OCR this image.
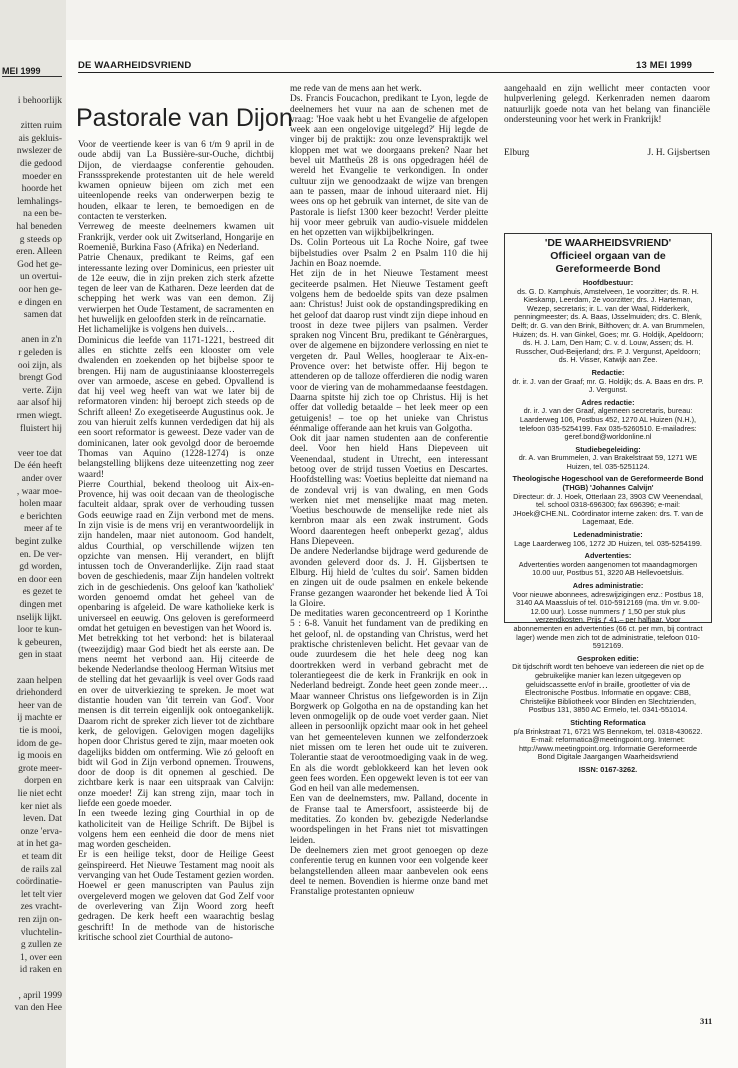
MEI 1999
i behoorlijk
zitten ruim
ais gekluis-
nwslezer de
die gedood
moeder en
hoorde het
lemhalings-
na een be-
hal beneden
g steeds op
eren. Alleen
God het ge-
un overtui-
oor hen ge-
e dingen en
samen dat
anen in z'n
r geleden is
ooi zijn, als
brengt God
verte. Zijn
aar alsof hij
rmen wiegt.
fluistert hij
veer toe dat
De één heeft
ander over
, waar moe-
holen maar
e berichten
meer af te
begint zulke
en. De ver-
gd worden,
en door een
es gezet te
dingen met
nselijk lijkt.
loor te kun-
k gebeuren,
gen in staat
zaan helpen
driehonderd
heer van de
ij machte er
tie is mooi,
idom de ge-
ig moois en
grote meer-
dorpen en
lie niet echt
ker niet als
leven. Dat
onze 'erva-
at in het ga-
et team dit
de rails zal
coördinatie-
let telt vier
zes vracht-
ren zijn on-
vluchtelin-
g zullen ze
1, over een
id raken en
, april 1999
van den Hee
DE WAARHEIDSVRIEND	13 MEI 1999
Pastorale van Dijon

Voor de veertiende keer is van 6 t/m 9 april in de oude abdij van La Bussière-sur-Ouche, dichtbij Dijon, de vierdaagse conferentie gehouden. Fransssprekende protestanten uit de hele wereld kwamen opnieuw bijeen om zich met een uiteenlopende reeks van onderwerpen bezig te houden, elkaar te leren, te bemoedigen en de contacten te versterken.

Verreweg de meeste deelnemers kwamen uit Frankrijk, verder ook uit Zwitserland, Hongarije en Roemenië, Burkina Faso (Afrika) en Nederland.

Patrie Chenaux, predikant te Reims, gaf een interessante lezing over Dominicus, een priester uit de 12e eeuw, die in zijn preken zich sterk afzette tegen de leer van de Katharen. Deze leerden dat de schepping het werk was van een demon. Zij verwierpen het Oude Testament, de sacramenten en het huwelijk en geloofden sterk in de reïncarnatie.

Het lichamelijke is volgens hen duivels…

Dominicus die leefde van 1171-1221, bestreed dit alles en stichtte zelfs een klooster om vele dwalenden en zoekenden op het bijbelse spoor te brengen. Hij nam de augustiniaanse kloosterregels over van armoede, ascese en gebed. Opvallend is dat hij veel weg heeft van wat we later bij de reformatoren vinden: hij beroept zich steeds op de Schrift alleen! Zo exegetiseerde Augustinus ook. Je zou van hieruit zelfs kunnen verdedigen dat hij als een soort reformator is geweest. Deze vader van de dominicanen, later ook gevolgd door de beroemde Thomas van Aquino (1228-1274) is onze belangstelling blijkens deze uiteenzetting nog zeer waard!

Pierre Courthial, bekend theoloog uit Aix-en-Provence, hij was ooit decaan van de theologische faculteit aldaar, sprak over de verhouding tussen Gods eeuwige raad en Zijn verbond met de mens. In zijn visie is de mens vrij en verantwoordelijk in zijn handelen, maar niet autonoom. God handelt, aldus Courthial, op verschillende wijzen ten opzichte van mensen. Hij verandert, en blijft intussen toch de Onveranderlijke. Zijn raad staat boven de geschiedenis, maar Zijn handelen voltrekt zich in de geschiedenis. Ons geloof kan 'katholiek' worden genoemd omdat het geheel van de openbaring is afgeleid. De ware katholieke kerk is universeel en eeuwig. Ons geloven is gereformeerd omdat het getuigen en bevestigen van het Woord is.

Met betrekking tot het verbond: het is bilateraal (tweezijdig) maar God biedt het als eerste aan. De mens neemt het verbond aan. Hij citeerde de bekende Nederlandse theoloog Herman Witsius met de stelling dat het gevaarlijk is veel over Gods raad en over de uitverkiezing te spreken. Je moet wat distantie houden van 'dit terrein van God'. Voor mensen is dit terrein eigenlijk ook ontoegankelijk. Daarom richt de spreker zich liever tot de zichtbare kerk, de gelovigen. Gelovigen mogen dagelijks hopen door Christus gered te zijn, maar moeten ook dagelijks bidden om ontferming. Wie zó gelooft en bidt wil God in Zijn verbond opnemen. Trouwens, door de doop is dit opnemen al geschied. De zichtbare kerk is naar een uitspraak van Calvijn: onze moeder! Zij kan streng zijn, maar toch in liefde een goede moeder.

In een tweede lezing ging Courthial in op de katholiciteit van de Heilige Schrift. De Bijbel is volgens hem een eenheid die door de mens niet mag worden gescheiden.

Er is een heilige tekst, door de Heilige Geest geïnspireerd. Het Nieuwe Testament mag nooit als vervanging van het Oude Testament gezien worden. Hoewel er geen manuscripten van Paulus zijn overgeleverd mogen we geloven dat God Zelf voor de overlevering van Zijn Woord zorg heeft gedragen. De kerk heeft een waarachtig beslag geschrift! In de methode van de historische kritische school ziet Courthial de autono-

me rede van de mens aan het werk.

Ds. Francis Foucachon, predikant te Lyon, legde de deelnemers het vuur na aan de schenen met de vraag: 'Hoe vaak hebt u het Evangelie de afgelopen week aan een ongelovige uitgelegd?' Hij legde de vinger bij de praktijk: zou onze levenspraktijk wel kloppen met wat we doorgaans preken? Naar het bevel uit Mattheüs 28 is ons opgedragen héél de wereld het Evangelie te verkondigen. In onder cultuur zijn we genoodzaakt de wijze van brengen aan te passen, maar de inhoud uiteraard niet. Hij wees ons op het gebruik van internet, de site van de Pastorale is liefst 1300 keer bezocht! Verder pleitte hij voor meer gebruik van audio-visuele middelen en het opzetten van wijkbijbelkringen.

Ds. Colin Porteous uit La Roche Noire, gaf twee bijbelstudies over Psalm 2 en Psalm 110 die hij Jachin en Boaz noemde.

Het zijn de in het Nieuwe Testament meest geciteerde psalmen. Het Nieuwe Testament geeft volgens hem de bedoelde spits van deze psalmen aan: Christus! Juist ook de opstandingsprediking en het geloof dat daarop rust vindt zijn diepe inhoud en troost in deze twee pijlers van psalmen. Verder spraken nog Vincent Bru, predikant te Génèrargues, over de algemene en bijzondere verlossing en niet te vergeten dr. Paul Welles, hoogleraar te Aix-en-Provence over: het betwiste offer. Hij begon te attenderen op de talloze offerdieren die nodig waren voor de viering van de mohammedaanse feestdagen. Daarna spitste hij zich toe op Christus. Hij is het offer dat volledig betaalde – het leek meer op een getuigenis! – toe op het unieke van Christus éénmalige offerande aan het kruis van Golgotha.

Ook dit jaar namen studenten aan de conferentie deel. Voor hen hield Hans Diepeveen uit Veenendaal, student in Utrecht, een interessant betoog over de strijd tussen Voetius en Descartes. Hoofdstelling was: Voetius bepleitte dat niemand na de zondeval vrij is van dwaling, en men Gods werken niet met menselijke maat mag meten. 'Voetius beschouwde de menselijke rede niet als kernbron maar als een zwak instrument. Gods Woord daarentegen heeft onbeperkt gezag', aldus Hans Diepeveen.

De andere Nederlandse bijdrage werd gedurende de avonden geleverd door ds. J. H. Gijsbertsen te Elburg. Hij hield de 'cultes du soir'. Samen bidden en zingen uit de oude psalmen en enkele bekende Franse gezangen waaronder het bekende lied À Toi la Gloire.

De meditaties waren geconcentreerd op 1 Korinthe 5 : 6-8. Vanuit het fundament van de prediking en het geloof, nl. de opstanding van Christus, werd het praktische christenleven belicht. Het gevaar van de oude zuurdesem die het hele deeg nog kan doortrekken werd in verband gebracht met de tolerantiegeest die de kerk in Frankrijk en ook in Nederland bedreigt. Zonde heet geen zonde meer… Maar wanneer Christus ons liefgeworden is in Zijn Borgwerk op Golgotha en na de opstanding kan het leven onmogelijk op de oude voet verder gaan. Niet alleen in persoonlijk opzicht maar ook in het geheel van het gemeenteleven kunnen we zelfonderzoek niet missen om te leren het oude uit te zuiveren. Tolerantie staat de verootmoediging vaak in de weg. En als die wordt geblokkeerd kan het leven ook geen fees worden. Een opgewekt leven is tot eer van God en heil van alle medemensen.

Een van de deelnemsters, mw. Palland, docente in de Franse taal te Amersfoort, assisteerde bij de meditaties. Zo konden bv. gebezigde Nederlandse woordspelingen in het Frans niet tot misvattingen leiden.

De deelnemers zien met groot genoegen op deze conferentie terug en kunnen voor een volgende keer belangstellenden alleen maar aanbevelen ook eens deel te nemen. Bovendien is hierme onze band met Franstalige protestanten opnieuw

aangehaald en zijn wellicht meer contacten voor hulpverlening gelegd. Kerkenraden nemen daarom natuurlijk goede nota van het belang van financiële ondersteuning voor het werk in Frankrijk!
Elburg	J. H. Gijsbertsen
'DE WAARHEIDSVRIEND'
Officieel orgaan van de
Gereformeerde Bond
Hoofdbestuur:
ds. G. D. Kamphuis, Amstelveen, 1e voorzitter; ds. R. H. Kieskamp, Leerdam, 2e voorzitter; drs. J. Harteman, Wezep, secretaris; ir. L. van der Waal, Ridderkerk, penningmeester; ds. A. Baas, IJsselmuiden; drs. C. Blenk, Delft; dr. G. van den Brink, Bilthoven; dr. A. van Brummelen, Huizen; ds. H. van Ginkel, Goes; mr. G. Holdijk, Apeldoorn; ds. H. J. Lam, Den Ham; C. v. d. Louw, Assen; ds. H. Russcher, Oud-Beijerland; drs. P. J. Vergunst, Apeldoorn; ds. H. Visser, Katwijk aan Zee.
Redactie:
dr. ir. J. van der Graaf; mr. G. Holdijk; ds. A. Baas en drs. P. J. Vergunst.
Adres redactie:
dr. ir. J. van der Graaf, algemeen secretaris, bureau: Laarderweg 106, Postbus 452, 1270 AL Huizen (N.H.), telefoon 035-5254199. Fax 035-5260510. E-mailadres: geref.bond@worldonline.nl
Studiebegeleiding:
dr. A. van Brummelen, J. van Brakelstraat 59, 1271 WE Huizen, tel. 035-5251124.
Theologische Hogeschool van de Gereformeerde Bond (THGB) 'Johannes Calvijn'
Directeur: dr. J. Hoek, Otterlaan 23, 3903 CW Veenendaal, tel. school 0318-696300; fax 696396; e-mail: JHoek@CHE.NL. Coördinator interne zaken: drs. T. van de Lagemaat, Ede.
Ledenadministratie:
Lage Laarderweg 106, 1272 JD Huizen, tel. 035-5254199.
Advertenties:
Advertenties worden aangenomen tot maandagmorgen 10.00 uur, Postbus 51, 3220 AB Hellevoetsluis.
Adres administratie:
Voor nieuwe abonnees, adreswijzigingen enz.: Postbus 18, 3140 AA Maassluis of tel. 010-5912169 (ma. t/m vr. 9.00-12.00 uur). Losse nummers ƒ 1,50 per stuk plus verzendkosten. Prijs ƒ 41,– per halfjaar. Voor abonnementen en advertenties (66 ct. per mm, bij contract lager) wende men zich tot de administratie, telefoon 010-5912169.
Gesproken editie:
Dit tijdschrift wordt ten behoeve van iedereen die niet op de gebruikelijke manier kan lezen uitgegeven op geluidscassette en/of in braille, grootletter of via de Electronische Postbus. Informatie en opgave: CBB, Christelijke Bibliotheek voor Blinden en Slechtzienden, Postbus 131, 3850 AC Ermelo, tel. 0341-551014.
Stichting Reformatica
p/a Brinkstraat 71, 6721 WS Bennekom, tel. 0318-430622. E-mail: reformatica@meetingpoint.org. Internet: http://www.meetingpoint.org. Informatie Gereformeerde Bond Digitale Jaargangen Waarheidsvriend
ISSN: 0167-3262.
311
